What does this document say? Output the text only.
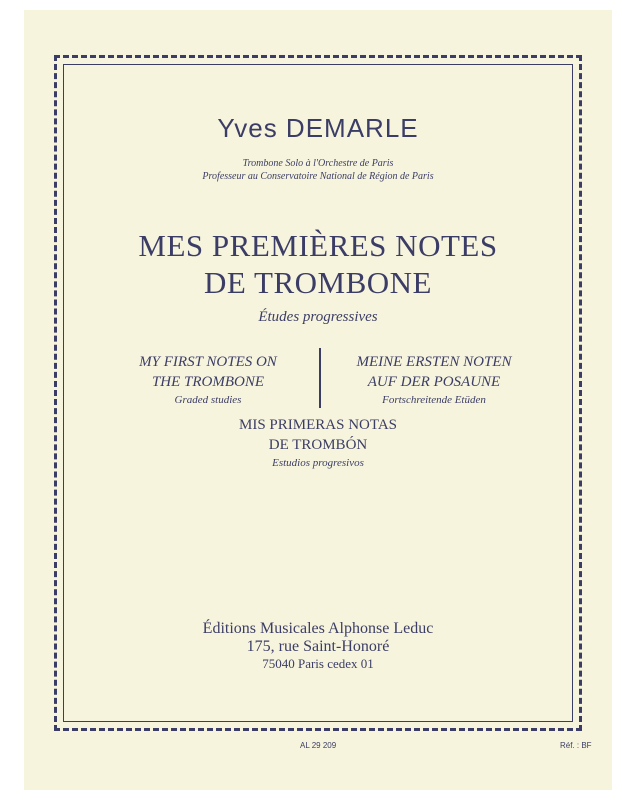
Yves DEMARLE
Trombone Solo à l'Orchestre de Paris
Professeur au Conservatoire National de Région de Paris
MES PREMIÈRES NOTES
DE TROMBONE
Études progressives
MY FIRST NOTES ON
THE TROMBONE
Graded studies
MEINE ERSTEN NOTEN
AUF DER POSAUNE
Fortschreitende Etüden
MIS PRIMERAS NOTAS
DE TROMBÓN
Estudios progresivos
Éditions Musicales Alphonse Leduc
175, rue Saint-Honoré
75040 Paris cedex 01
AL 29 209	Réf. : BF
